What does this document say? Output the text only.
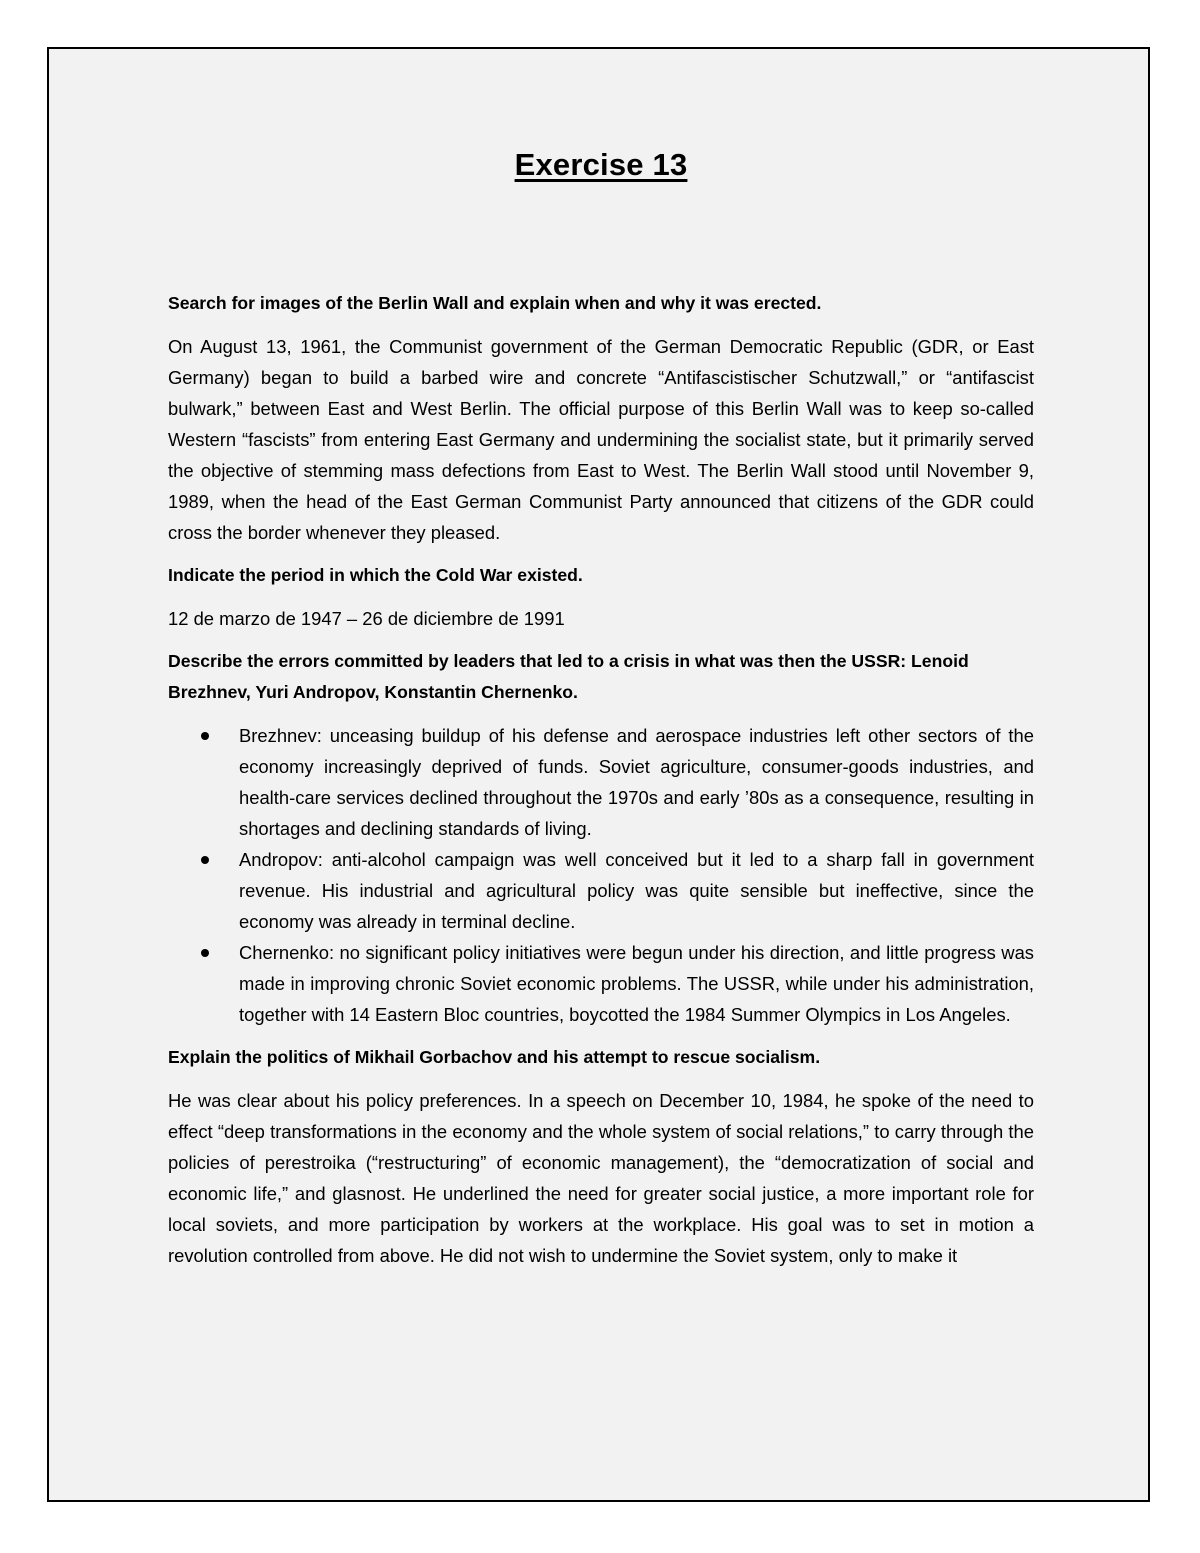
Exercise 13

Search for images of the Berlin Wall and explain when and why it was erected.

On August 13, 1961, the Communist government of the German Democratic Republic (GDR, or East Germany) began to build a barbed wire and concrete “Antifascistischer Schutzwall,” or “antifascist bulwark,” between East and West Berlin. The official purpose of this Berlin Wall was to keep so-called Western “fascists” from entering East Germany and undermining the socialist state, but it primarily served the objective of stemming mass defections from East to West. The Berlin Wall stood until November 9, 1989, when the head of the East German Communist Party announced that citizens of the GDR could cross the border whenever they pleased.

Indicate the period in which the Cold War existed.

12 de marzo de 1947 – 26 de diciembre de 1991

Describe the errors committed by leaders that led to a crisis in what was then the USSR: Lenoid Brezhnev, Yuri Andropov, Konstantin Chernenko.

Brezhnev: unceasing buildup of his defense and aerospace industries left other sectors of the economy increasingly deprived of funds. Soviet agriculture, consumer-goods industries, and health-care services declined throughout the 1970s and early ’80s as a consequence, resulting in shortages and declining standards of living.
Andropov: anti-alcohol campaign was well conceived but it led to a sharp fall in government revenue. His industrial and agricultural policy was quite sensible but ineffective, since the economy was already in terminal decline.
Chernenko: no significant policy initiatives were begun under his direction, and little progress was made in improving chronic Soviet economic problems. The USSR, while under his administration, together with 14 Eastern Bloc countries, boycotted the 1984 Summer Olympics in Los Angeles.

Explain the politics of Mikhail Gorbachov and his attempt to rescue socialism.

He was clear about his policy preferences. In a speech on December 10, 1984, he spoke of the need to effect “deep transformations in the economy and the whole system of social relations,” to carry through the policies of perestroika (“restructuring” of economic management), the “democratization of social and economic life,” and glasnost. He underlined the need for greater social justice, a more important role for local soviets, and more participation by workers at the workplace. His goal was to set in motion a revolution controlled from above. He did not wish to undermine the Soviet system, only to make it
